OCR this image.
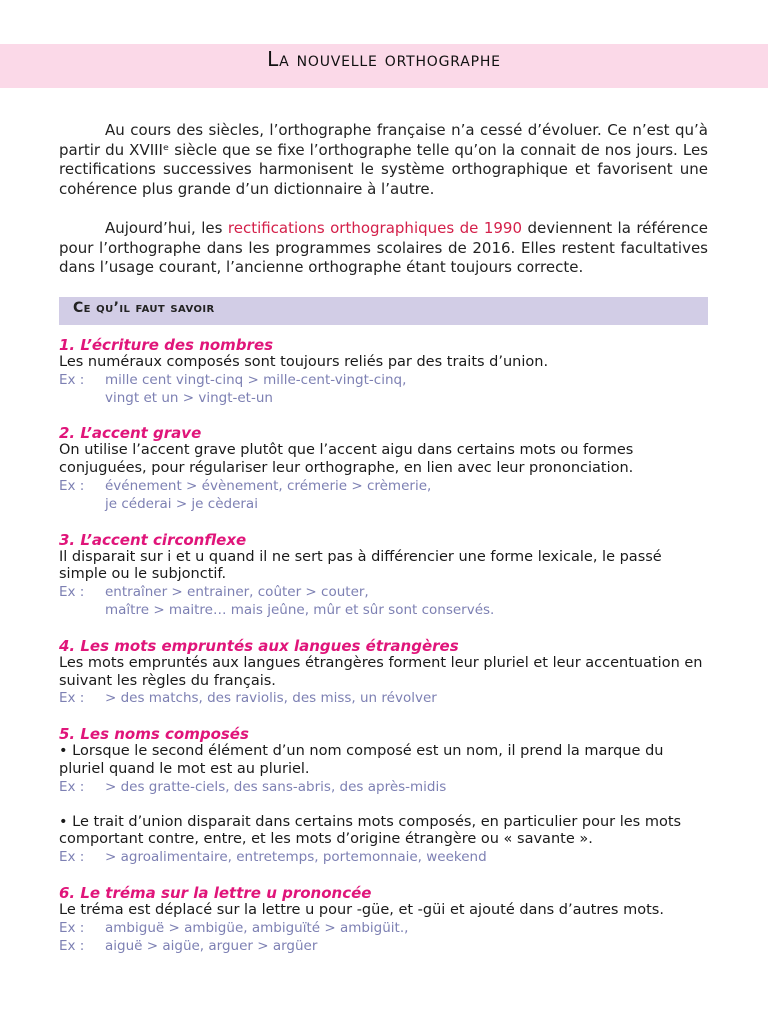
La nouvelle orthographe

Au cours des siècles, l’orthographe française n’a cessé d’évoluer. Ce n’est qu’à partir du XVIIIᵉ siècle que se fixe l’orthographe telle qu’on la connait de nos jours. Les rectifications successives harmonisent le système orthographique et favorisent une cohérence plus grande d’un dictionnaire à l’autre.

Aujourd’hui, les rectifications orthographiques de 1990 deviennent la référence pour l’orthographe dans les programmes scolaires de 2016. Elles restent facultatives dans l’usage courant, l’ancienne orthographe étant toujours correcte.

Ce qu’il faut savoir

1. L’écriture des nombres

Les numéraux composés sont toujours reliés par des traits d’union.

Ex :	mille cent vingt-cinq > mille-cent-vingt-cinq,

vingt et un > vingt-et-un

2. L’accent grave

On utilise l’accent grave plutôt que l’accent aigu dans certains mots ou formes conjuguées, pour régulariser leur orthographe, en lien avec leur prononciation.

Ex :	événement > évènement, crémerie > crèmerie,

je céderai > je cèderai

3. L’accent circonflexe

Il disparait sur i et u quand il ne sert pas à différencier une forme lexicale, le passé simple ou le subjonctif.

Ex :	entraîner > entrainer, coûter > couter,

maître > maitre… mais jeûne, mûr et sûr sont conservés.

4. Les mots empruntés aux langues étrangères

Les mots empruntés aux langues étrangères forment leur pluriel et leur accentuation en suivant les règles du français.

Ex :	> des matchs, des raviolis, des miss, un révolver

5. Les noms composés

• Lorsque le second élément d’un nom composé est un nom, il prend la marque du pluriel quand le mot est au pluriel.

Ex :	> des gratte-ciels, des sans-abris, des après-midis

• Le trait d’union disparait dans certains mots composés, en particulier pour les mots comportant contre, entre, et les mots d’origine étrangère ou « savante ».

Ex :	> agroalimentaire, entretemps, portemonnaie, weekend

6. Le tréma sur la lettre u prononcée

Le tréma est déplacé sur la lettre u pour -güe, et -güi et ajouté dans d’autres mots.

Ex :	ambiguë > ambigüe, ambiguïté > ambigüit.,

Ex :	aiguë > aigüe, arguer > argüer
